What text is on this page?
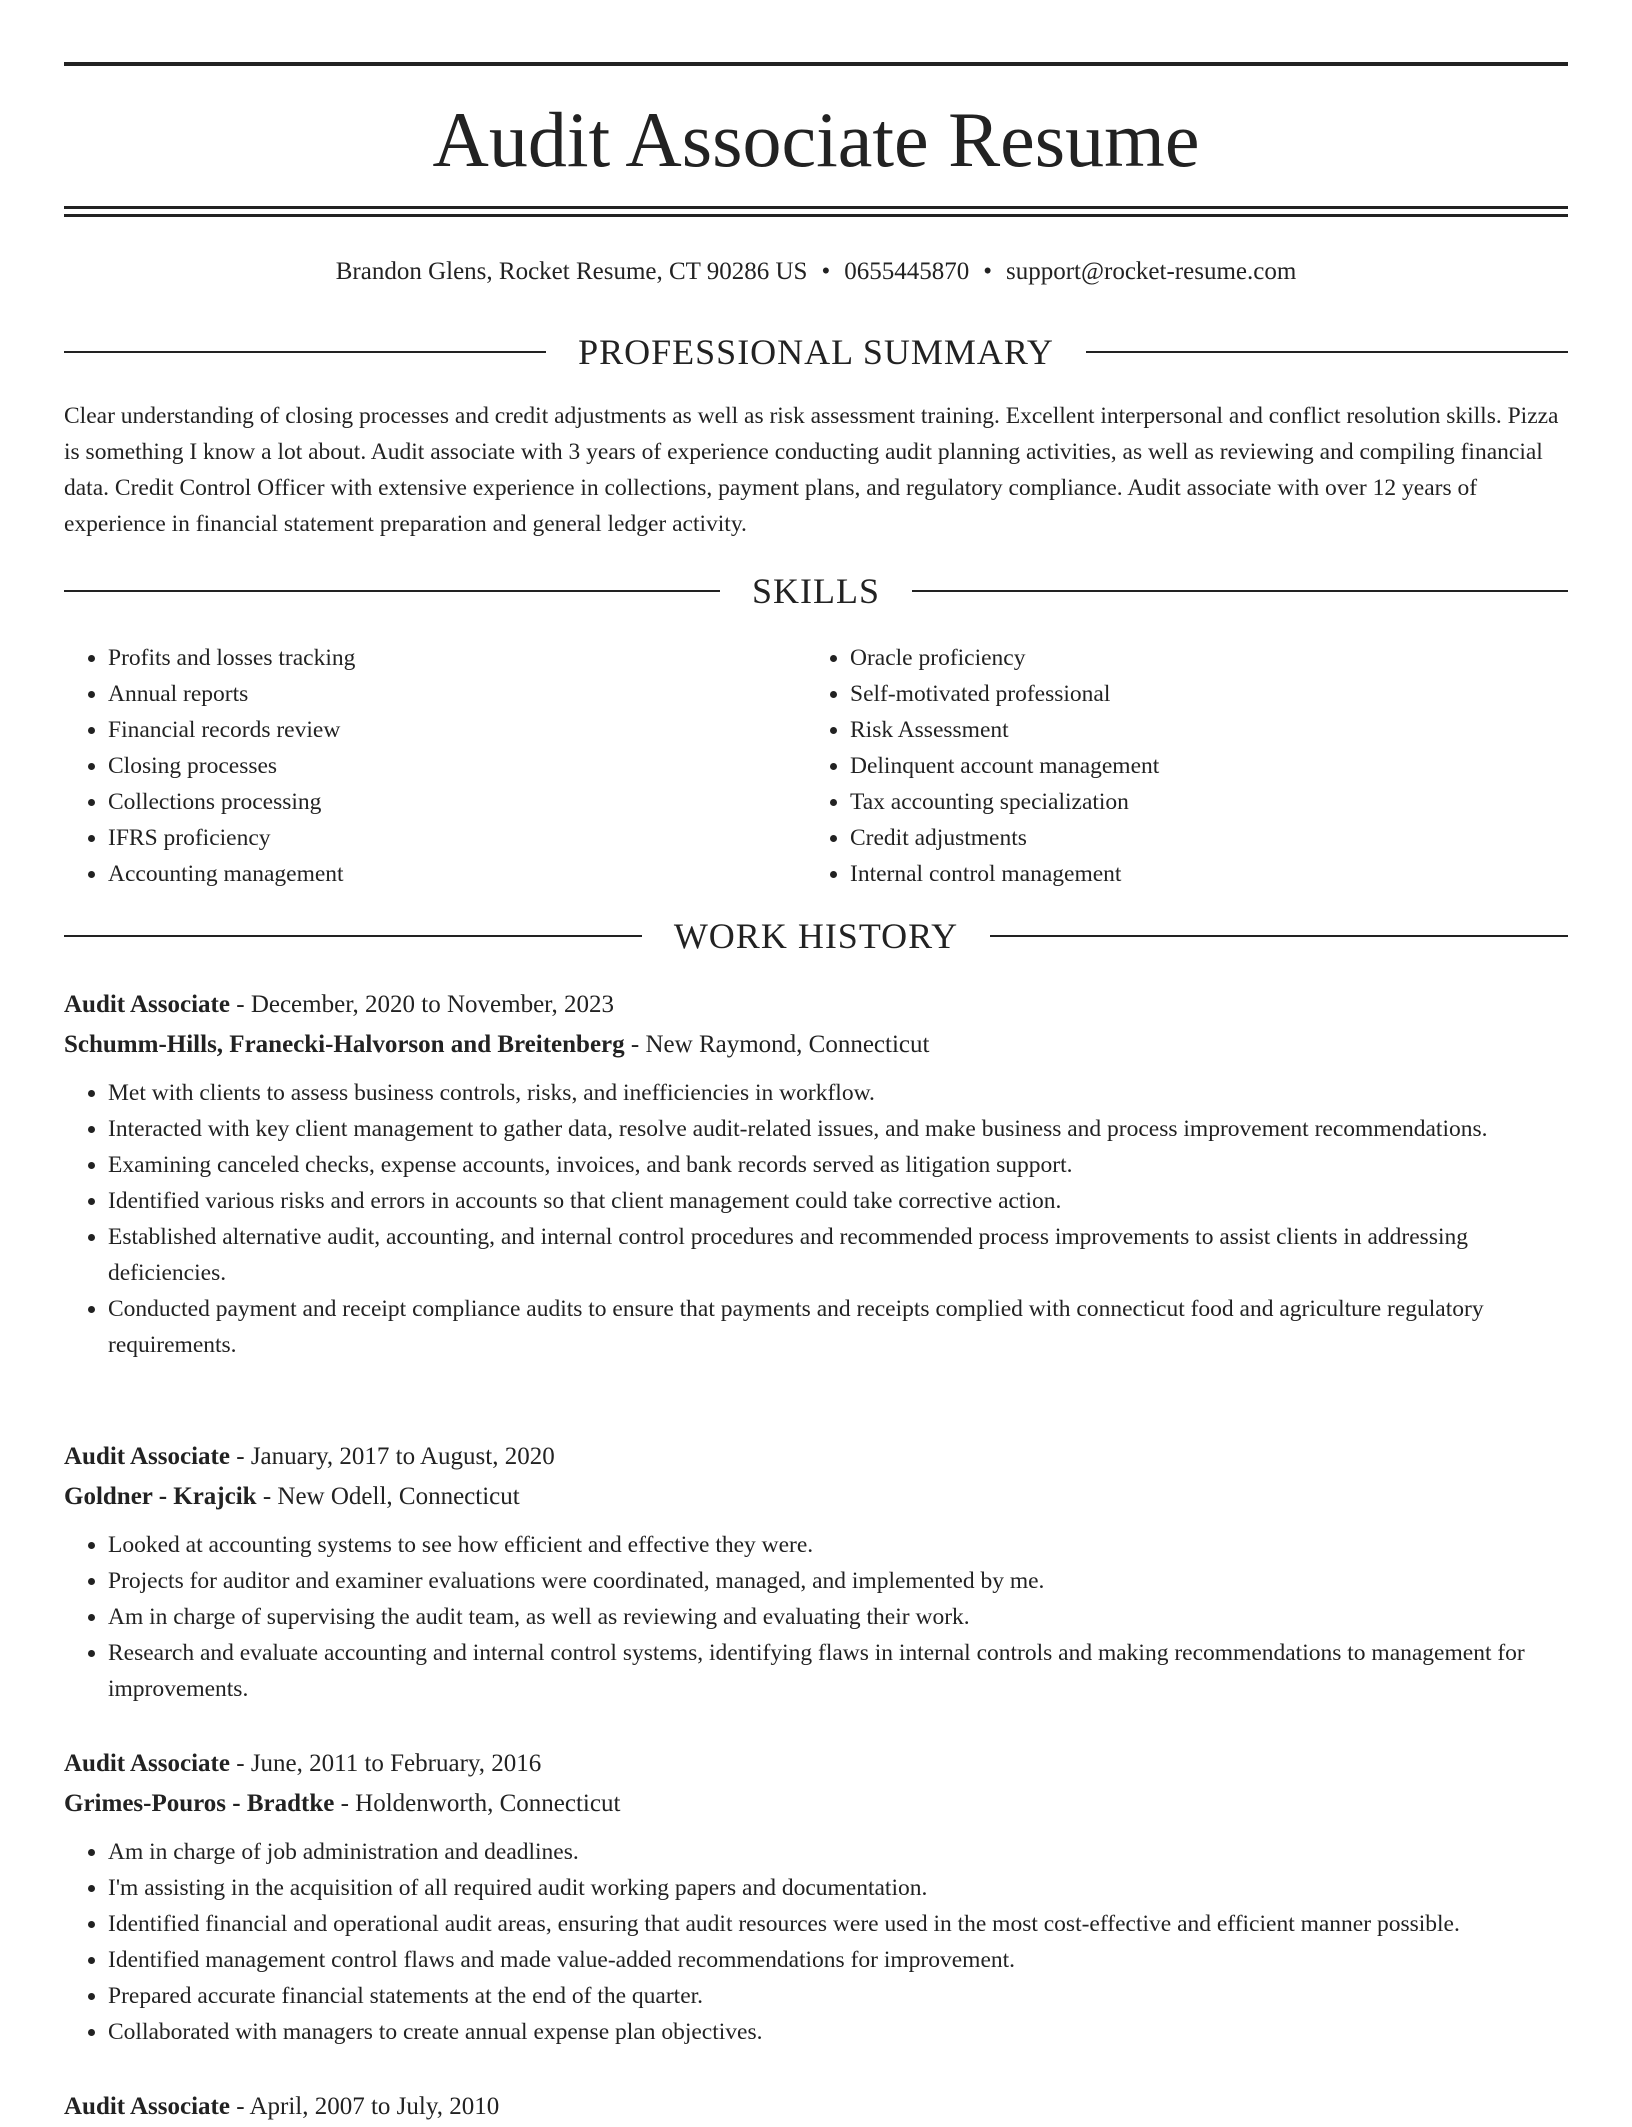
Audit Associate Resume
Brandon Glens, Rocket Resume, CT 90286 US • 0655445870 • support@rocket-resume.com
PROFESSIONAL SUMMARY
Clear understanding of closing processes and credit adjustments as well as risk assessment training. Excellent interpersonal and conflict resolution skills. Pizza is something I know a lot about. Audit associate with 3 years of experience conducting audit planning activities, as well as reviewing and compiling financial data. Credit Control Officer with extensive experience in collections, payment plans, and regulatory compliance. Audit associate with over 12 years of experience in financial statement preparation and general ledger activity.
SKILLS
• Profits and losses tracking
• Annual reports
• Financial records review
• Closing processes
• Collections processing
• IFRS proficiency
• Accounting management
• Oracle proficiency
• Self-motivated professional
• Risk Assessment
• Delinquent account management
• Tax accounting specialization
• Credit adjustments
• Internal control management
WORK HISTORY
Audit Associate - December, 2020 to November, 2023
Schumm-Hills, Franecki-Halvorson and Breitenberg - New Raymond, Connecticut
• Met with clients to assess business controls, risks, and inefficiencies in workflow.
• Interacted with key client management to gather data, resolve audit-related issues, and make business and process improvement recommendations.
• Examining canceled checks, expense accounts, invoices, and bank records served as litigation support.
• Identified various risks and errors in accounts so that client management could take corrective action.
• Established alternative audit, accounting, and internal control procedures and recommended process improvements to assist clients in addressing deficiencies.
• Conducted payment and receipt compliance audits to ensure that payments and receipts complied with connecticut food and agriculture regulatory requirements.
Audit Associate - January, 2017 to August, 2020
Goldner - Krajcik - New Odell, Connecticut
• Looked at accounting systems to see how efficient and effective they were.
• Projects for auditor and examiner evaluations were coordinated, managed, and implemented by me.
• Am in charge of supervising the audit team, as well as reviewing and evaluating their work.
• Research and evaluate accounting and internal control systems, identifying flaws in internal controls and making recommendations to management for improvements.
Audit Associate - June, 2011 to February, 2016
Grimes-Pouros - Bradtke - Holdenworth, Connecticut
• Am in charge of job administration and deadlines.
• I'm assisting in the acquisition of all required audit working papers and documentation.
• Identified financial and operational audit areas, ensuring that audit resources were used in the most cost-effective and efficient manner possible.
• Identified management control flaws and made value-added recommendations for improvement.
• Prepared accurate financial statements at the end of the quarter.
• Collaborated with managers to create annual expense plan objectives.
Audit Associate - April, 2007 to July, 2010
